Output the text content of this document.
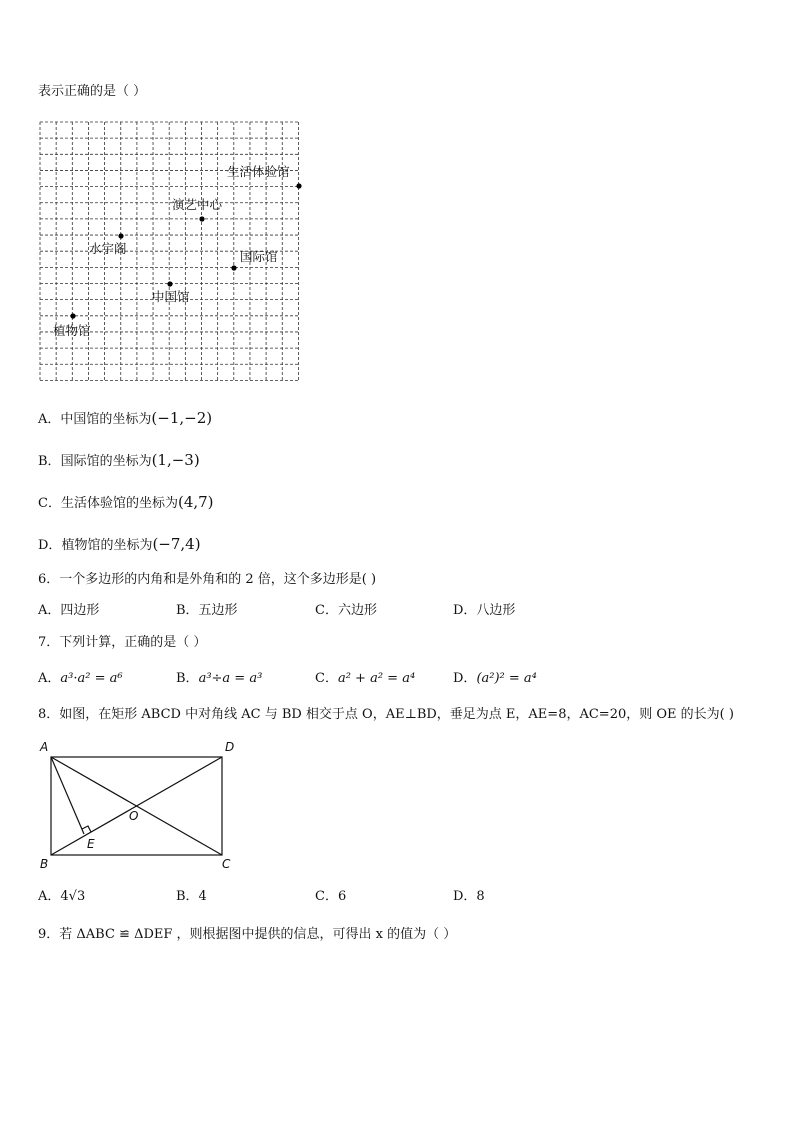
表示正确的是（ ）
生活体验馆
演艺中心
水宇阁
国际馆
中国馆
植物馆
A．中国馆的坐标为(−1,−2)
B．国际馆的坐标为(1,−3)
C．生活体验馆的坐标为(4,7)
D．植物馆的坐标为(−7,4)
6．一个多边形的内角和是外角和的 2 倍，这个多边形是( )
A．四边形	B．五边形	C．六边形	D．八边形
7．下列计算，正确的是（ ）
A．a³·a² = a⁶	B．a³÷a = a³	C．a² + a² = a⁴	D．(a²)² = a⁴
8．如图，在矩形 ABCD 中对角线 AC 与 BD 相交于点 O，AE⊥BD，垂足为点 E，AE=8，AC=20，则 OE 的长为( )
A	D
B	C
E
O
A．4√3	B．4	C．6	D．8
9．若 ΔABC ≌ ΔDEF ，则根据图中提供的信息，可得出 x 的值为（ ）
